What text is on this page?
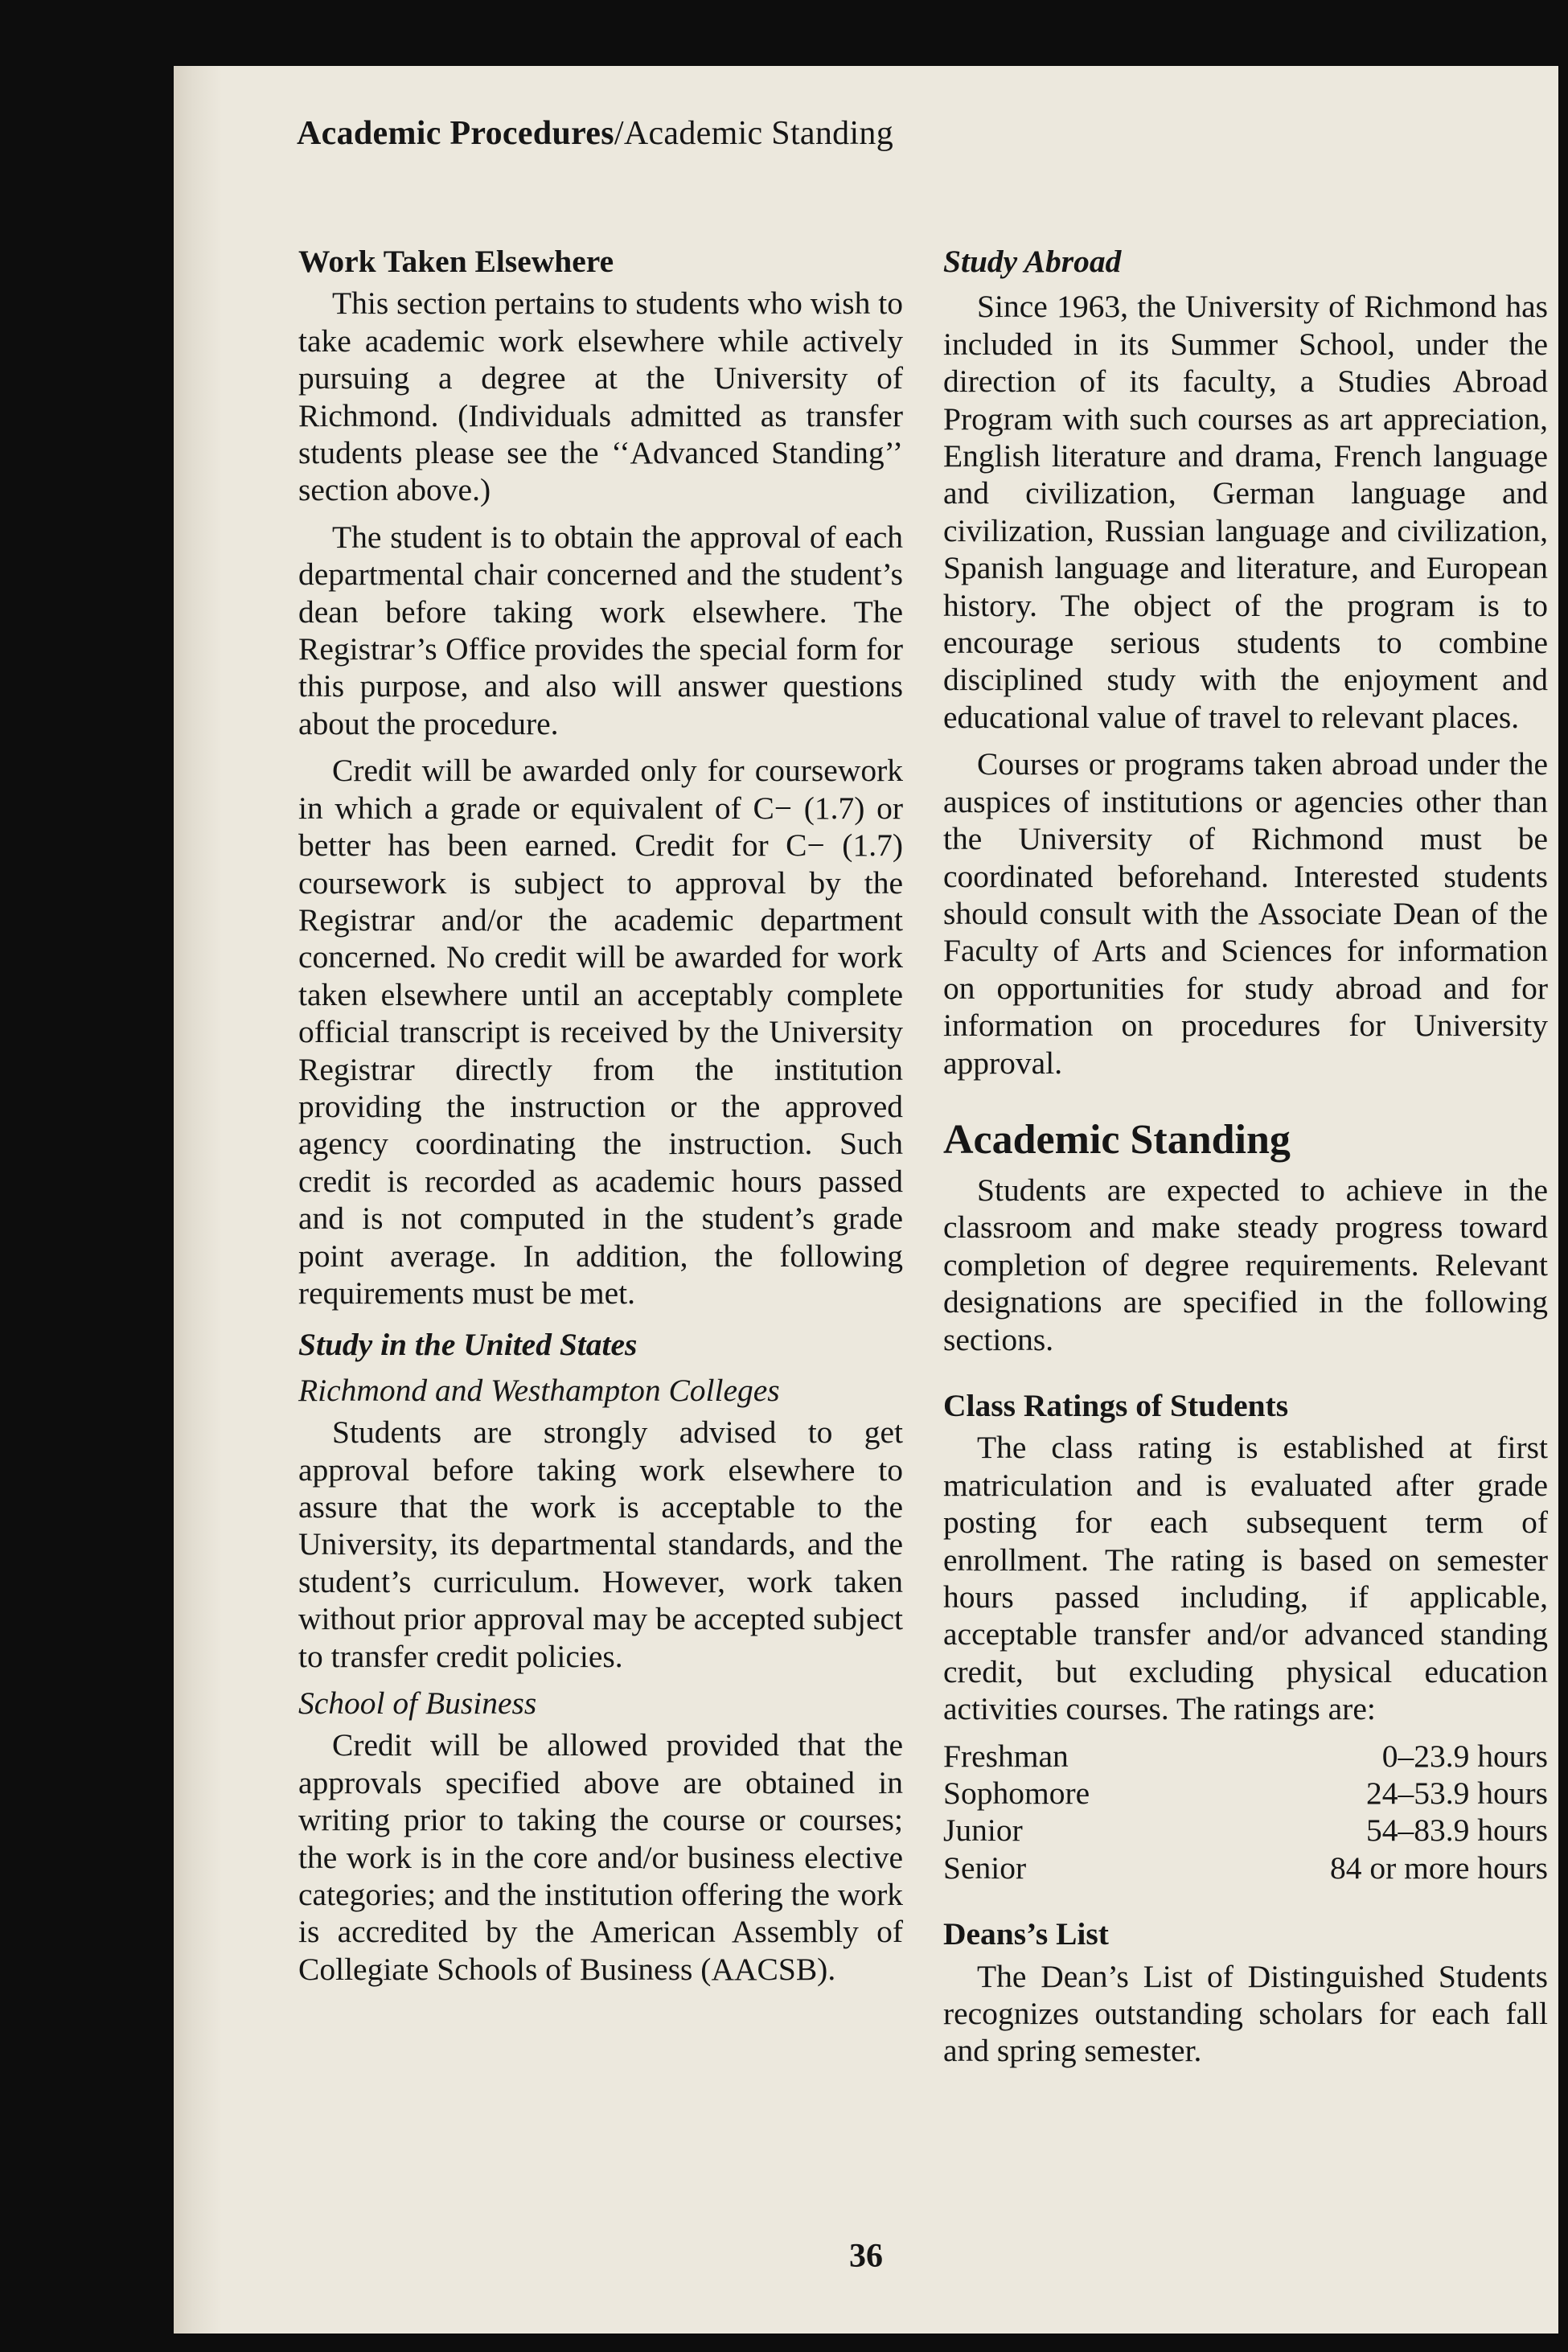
Academic Procedures/Academic Standing
Work Taken Elsewhere

This section pertains to students who wish to take academic work elsewhere while actively pursuing a degree at the University of Richmond. (Individuals admitted as transfer students please see the ‘‘Advanced Standing’’ section above.)

The student is to obtain the approval of each departmental chair concerned and the student’s dean before taking work elsewhere. The Registrar’s Office provides the special form for this purpose, and also will answer questions about the procedure.

Credit will be awarded only for coursework in which a grade or equivalent of C− (1.7) or better has been earned. Credit for C− (1.7) coursework is subject to approval by the Registrar and/or the academic department concerned. No credit will be awarded for work taken elsewhere until an acceptably complete official transcript is received by the University Registrar directly from the institution providing the instruction or the approved agency coordinating the instruction. Such credit is recorded as academic hours passed and is not computed in the student’s grade point average. In addition, the following requirements must be met.

Study in the United States
Richmond and Westhampton Colleges

Students are strongly advised to get approval before taking work elsewhere to assure that the work is acceptable to the University, its departmental standards, and the student’s curriculum. However, work taken without prior approval may be accepted subject to transfer credit policies.

School of Business

Credit will be allowed provided that the approvals specified above are obtained in writing prior to taking the course or courses; the work is in the core and/or business elective categories; and the institution offering the work is accredited by the American Assembly of Collegiate Schools of Business (AACSB).

Study Abroad

Since 1963, the University of Richmond has included in its Summer School, under the direction of its faculty, a Studies Abroad Program with such courses as art appreciation, English literature and drama, French language and civilization, German language and civilization, Russian language and civilization, Spanish language and literature, and European history. The object of the program is to encourage serious students to combine disciplined study with the enjoyment and educational value of travel to relevant places.

Courses or programs taken abroad under the auspices of institutions or agencies other than the University of Richmond must be coordinated beforehand. Interested students should consult with the Associate Dean of the Faculty of Arts and Sciences for information on opportunities for study abroad and for information on procedures for University approval.

Academic Standing

Students are expected to achieve in the classroom and make steady progress toward completion of degree requirements. Relevant designations are specified in the following sections.

Class Ratings of Students

The class rating is established at first matriculation and is evaluated after grade posting for each subsequent term of enrollment. The rating is based on semester hours passed including, if applicable, acceptable transfer and/or advanced standing credit, but excluding physical education activities courses. The ratings are:

Freshman	0–23.9 hours
Sophomore	24–53.9 hours
Junior	54–83.9 hours
Senior	84 or more hours
Deans’s List

The Dean’s List of Distinguished Students recognizes outstanding scholars for each fall and spring semester.

36
